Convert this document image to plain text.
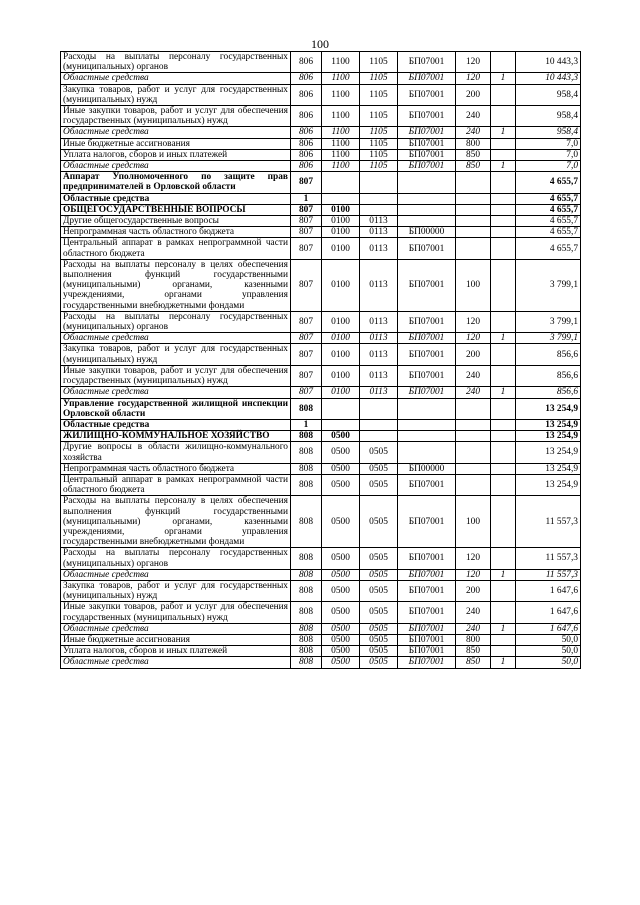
100
Расходы на выплаты персоналу государственных (муниципальных) органов	806	1100	1105	БП07001	120		10 443,3
Областные средства	806	1100	1105	БП07001	120	1	10 443,3
Закупка товаров, работ и услуг для государственных (муниципальных) нужд	806	1100	1105	БП07001	200		958,4
Иные закупки товаров, работ и услуг для обеспечения государственных (муниципальных) нужд	806	1100	1105	БП07001	240		958,4
Областные средства	806	1100	1105	БП07001	240	1	958,4
Иные бюджетные ассигнования	806	1100	1105	БП07001	800		7,0
Уплата налогов, сборов и иных платежей	806	1100	1105	БП07001	850		7,0
Областные средства	806	1100	1105	БП07001	850	1	7,0
Аппарат Уполномоченного по защите прав предпринимателей в Орловской области	807						4 655,7
Областные средства	1						4 655,7
ОБЩЕГОСУДАРСТВЕННЫЕ ВОПРОСЫ	807	0100					4 655,7
Другие общегосударственные вопросы	807	0100	0113				4 655,7
Непрограммная часть областного бюджета	807	0100	0113	БП00000			4 655,7
Центральный аппарат в рамках непрограммной части областного бюджета	807	0100	0113	БП07001			4 655,7
Расходы на выплаты персоналу в целях обеспечения выполнения функций государственными (муниципальными) органами, казенными учреждениями, органами управления государственными внебюджетными фондами	807	0100	0113	БП07001	100		3 799,1
Расходы на выплаты персоналу государственных (муниципальных) органов	807	0100	0113	БП07001	120		3 799,1
Областные средства	807	0100	0113	БП07001	120	1	3 799,1
Закупка товаров, работ и услуг для государственных (муниципальных) нужд	807	0100	0113	БП07001	200		856,6
Иные закупки товаров, работ и услуг для обеспечения государственных (муниципальных) нужд	807	0100	0113	БП07001	240		856,6
Областные средства	807	0100	0113	БП07001	240	1	856,6
Управление государственной жилищной инспекции Орловской области	808						13 254,9
Областные средства	1						13 254,9
ЖИЛИЩНО-КОММУНАЛЬНОЕ ХОЗЯЙСТВО	808	0500					13 254,9
Другие вопросы в области жилищно-коммунального хозяйства	808	0500	0505				13 254,9
Непрограммная часть областного бюджета	808	0500	0505	БП00000			13 254,9
Центральный аппарат в рамках непрограммной части областного бюджета	808	0500	0505	БП07001			13 254,9
Расходы на выплаты персоналу в целях обеспечения выполнения функций государственными (муниципальными) органами, казенными учреждениями, органами управления государственными внебюджетными фондами	808	0500	0505	БП07001	100		11 557,3
Расходы на выплаты персоналу государственных (муниципальных) органов	808	0500	0505	БП07001	120		11 557,3
Областные средства	808	0500	0505	БП07001	120	1	11 557,3
Закупка товаров, работ и услуг для государственных (муниципальных) нужд	808	0500	0505	БП07001	200		1 647,6
Иные закупки товаров, работ и услуг для обеспечения государственных (муниципальных) нужд	808	0500	0505	БП07001	240		1 647,6
Областные средства	808	0500	0505	БП07001	240	1	1 647,6
Иные бюджетные ассигнования	808	0500	0505	БП07001	800		50,0
Уплата налогов, сборов и иных платежей	808	0500	0505	БП07001	850		50,0
Областные средства	808	0500	0505	БП07001	850	1	50,0
